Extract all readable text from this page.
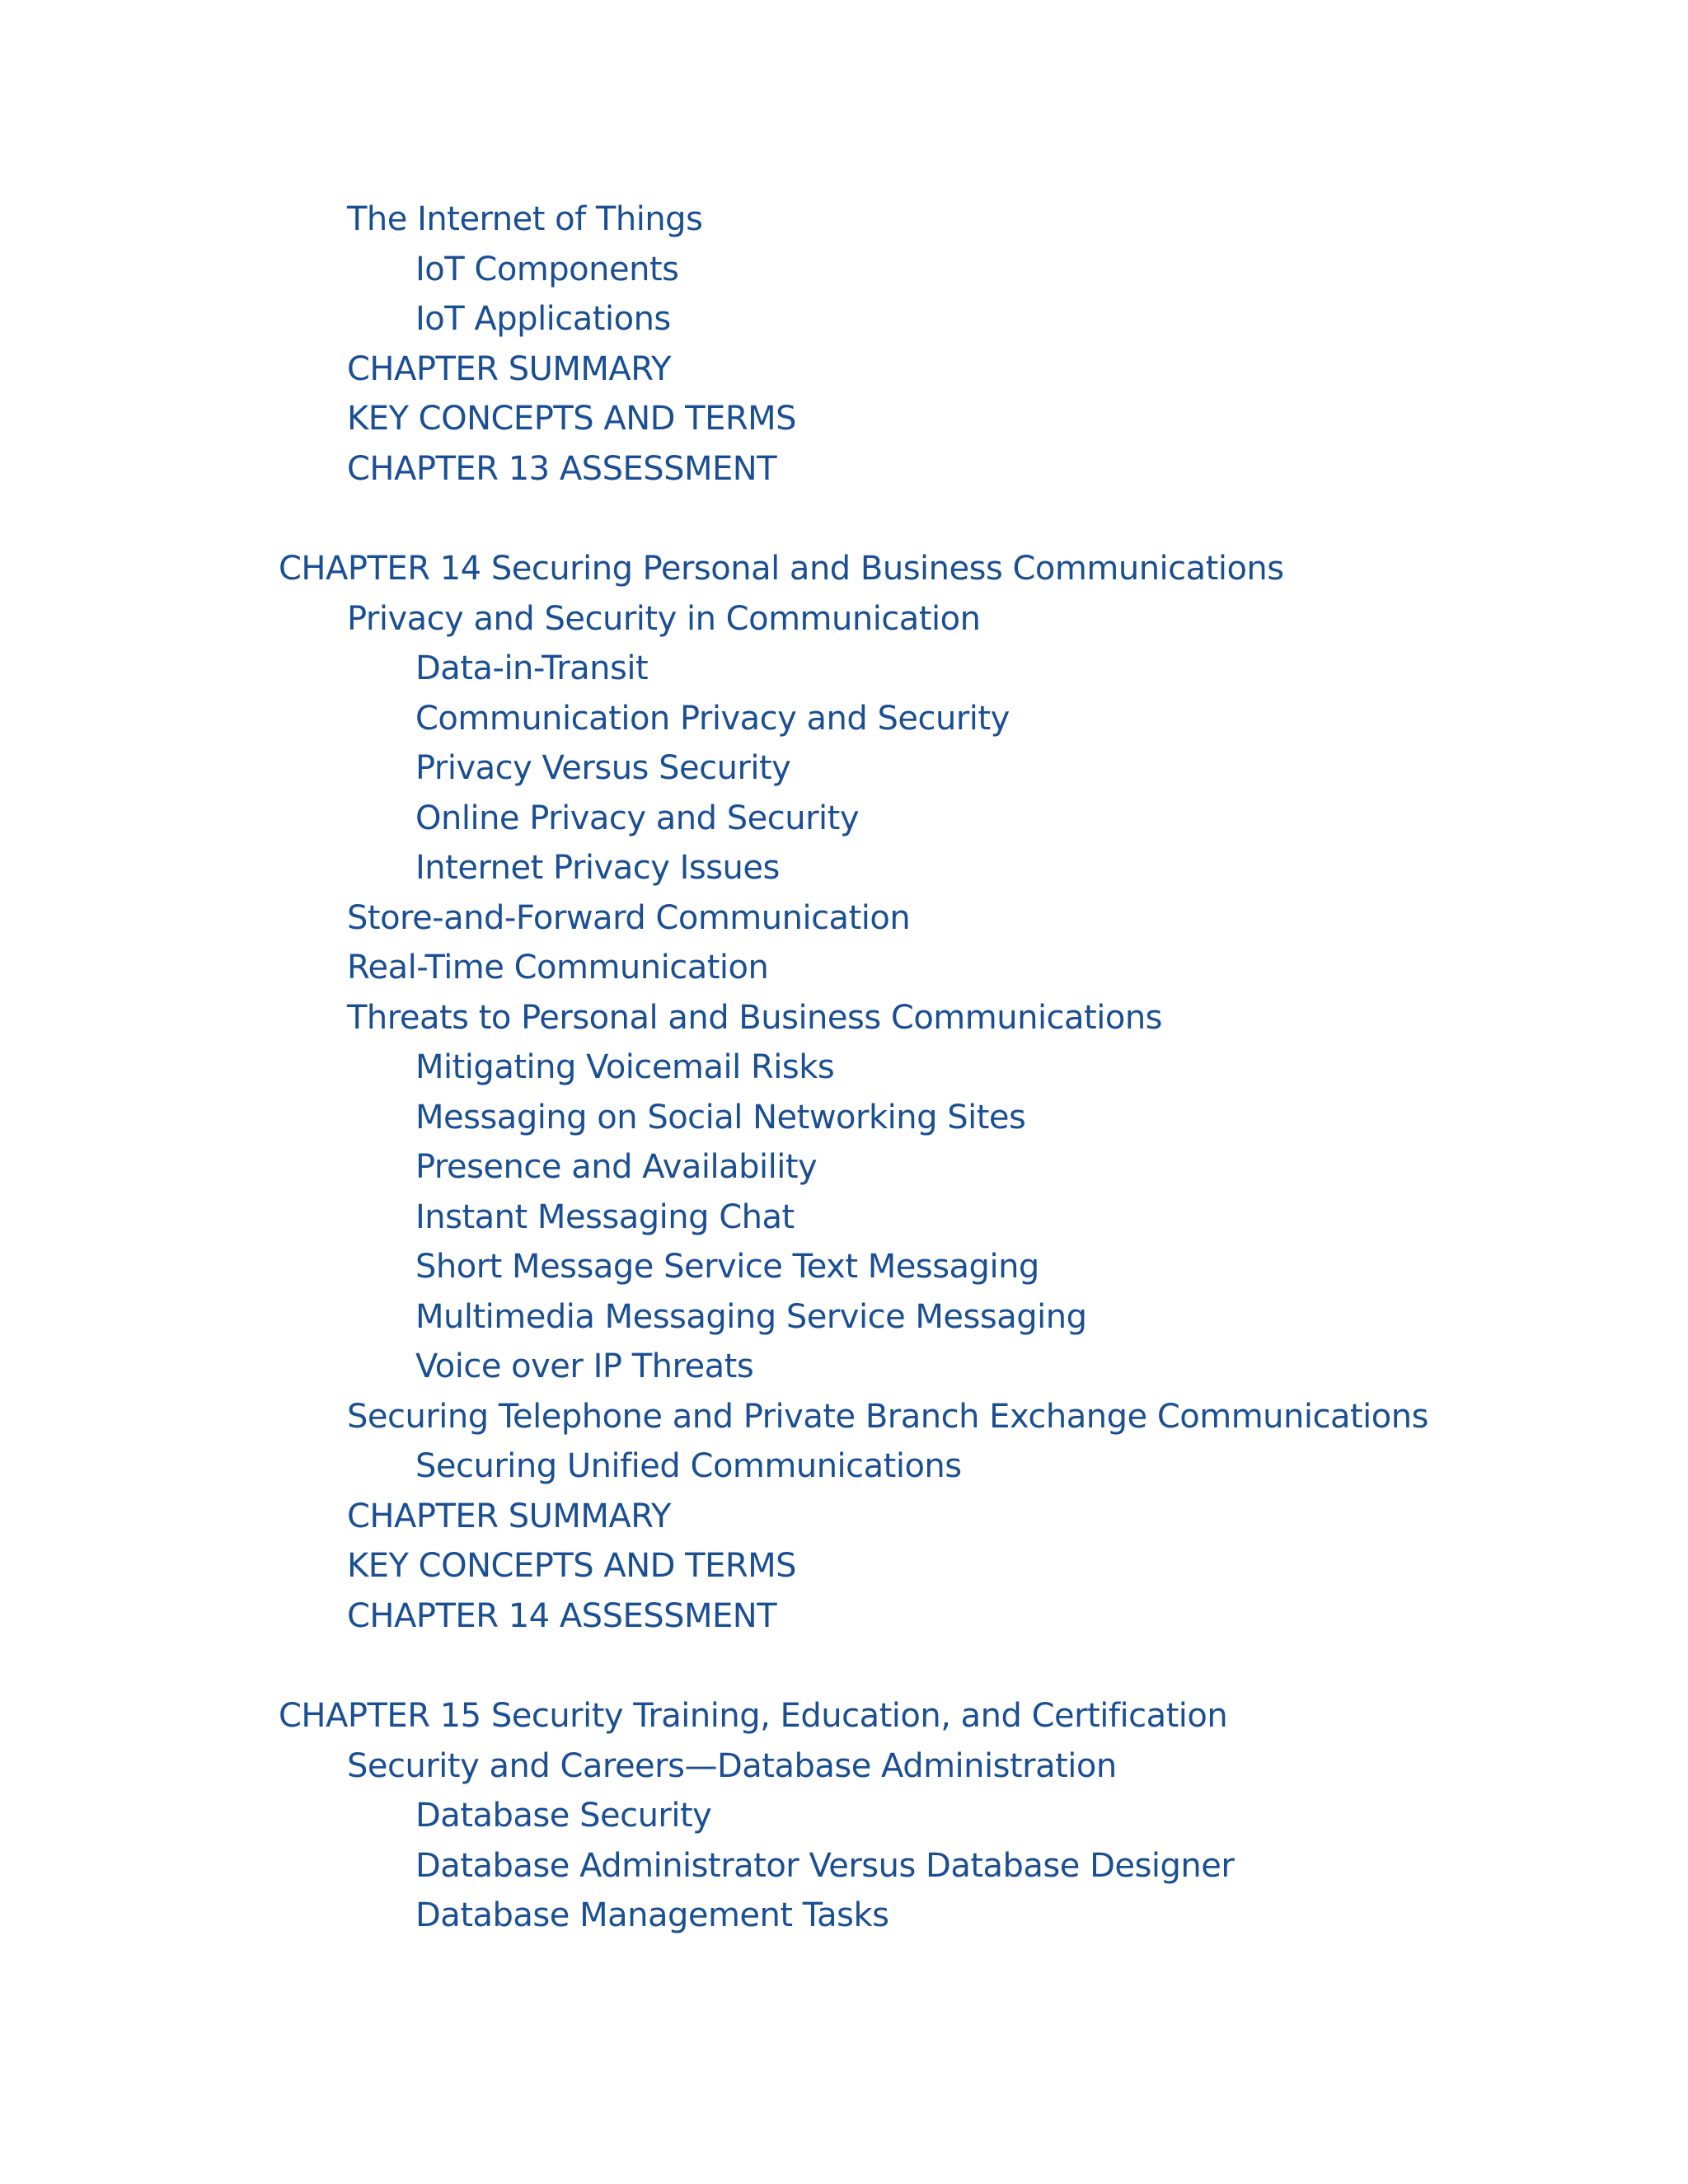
The Internet of Things
IoT Components
IoT Applications
CHAPTER SUMMARY
KEY CONCEPTS AND TERMS
CHAPTER 13 ASSESSMENT
CHAPTER 14 Securing Personal and Business Communications
Privacy and Security in Communication
Data-in-Transit
Communication Privacy and Security
Privacy Versus Security
Online Privacy and Security
Internet Privacy Issues
Store-and-Forward Communication
Real-Time Communication
Threats to Personal and Business Communications
Mitigating Voicemail Risks
Messaging on Social Networking Sites
Presence and Availability
Instant Messaging Chat
Short Message Service Text Messaging
Multimedia Messaging Service Messaging
Voice over IP Threats
Securing Telephone and Private Branch Exchange Communications
Securing Unified Communications
CHAPTER SUMMARY
KEY CONCEPTS AND TERMS
CHAPTER 14 ASSESSMENT
CHAPTER 15 Security Training, Education, and Certification
Security and Careers—Database Administration
Database Security
Database Administrator Versus Database Designer
Database Management Tasks
